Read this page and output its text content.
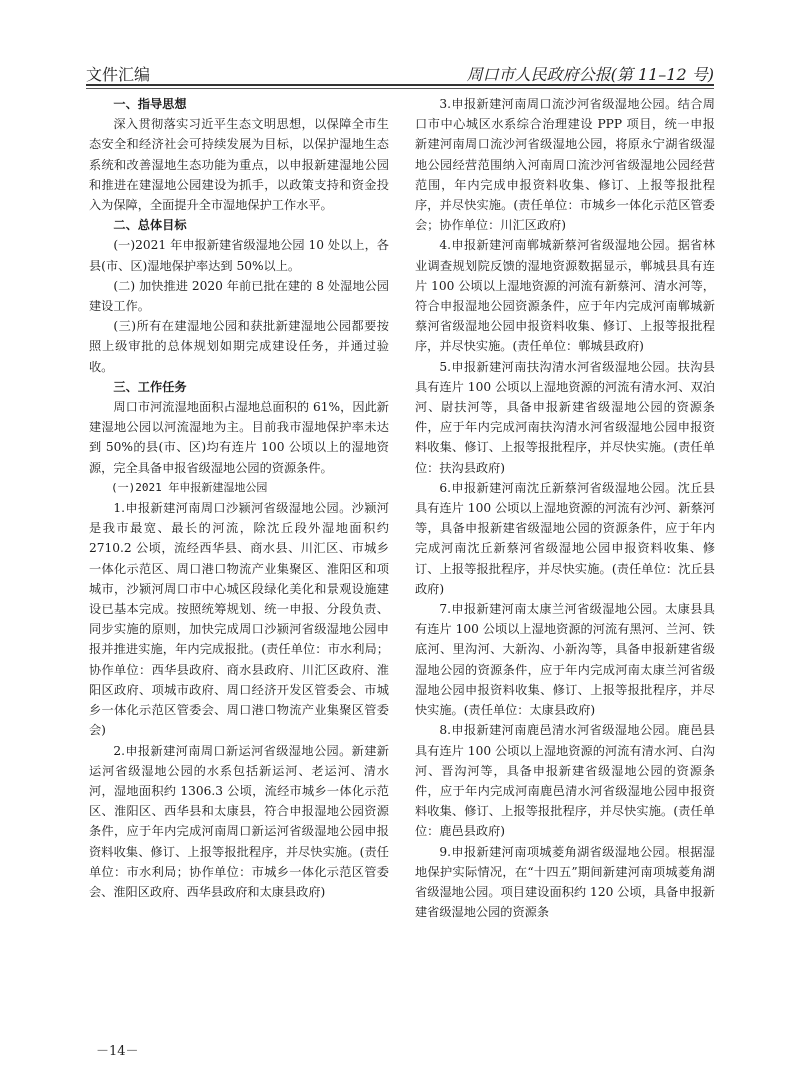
文件汇编	周口市人民政府公报(第 11–12 号)
一、指导思想

深入贯彻落实习近平生态文明思想，以保障全市生态安全和经济社会可持续发展为目标，以保护湿地生态系统和改善湿地生态功能为重点，以申报新建湿地公园和推进在建湿地公园建设为抓手，以政策支持和资金投入为保障，全面提升全市湿地保护工作水平。

二、总体目标

(一)2021 年申报新建省级湿地公园 10 处以上，各县(市、区)湿地保护率达到 50%以上。

(二) 加快推进 2020 年前已批在建的 8 处湿地公园建设工作。

(三)所有在建湿地公园和获批新建湿地公园都要按照上级审批的总体规划如期完成建设任务，并通过验收。

三、工作任务

周口市河流湿地面积占湿地总面积的 61%，因此新建湿地公园以河流湿地为主。目前我市湿地保护率未达到 50%的县(市、区)均有连片 100 公顷以上的湿地资源，完全具备申报省级湿地公园的资源条件。

(一)2021 年申报新建湿地公园

1.申报新建河南周口沙颍河省级湿地公园。沙颍河是我市最宽、最长的河流，除沈丘段外湿地面积约 2710.2 公顷，流经西华县、商水县、川汇区、市城乡一体化示范区、周口港口物流产业集聚区、淮阳区和项城市，沙颍河周口市中心城区段绿化美化和景观设施建设已基本完成。按照统筹规划、统一申报、分段负责、同步实施的原则，加快完成周口沙颍河省级湿地公园申报并推进实施，年内完成报批。(责任单位：市水利局；协作单位：西华县政府、商水县政府、川汇区政府、淮阳区政府、项城市政府、周口经济开发区管委会、市城乡一体化示范区管委会、周口港口物流产业集聚区管委会)

2.申报新建河南周口新运河省级湿地公园。新建新运河省级湿地公园的水系包括新运河、老运河、清水河，湿地面积约 1306.3 公顷，流经市城乡一体化示范区、淮阳区、西华县和太康县，符合申报湿地公园资源条件，应于年内完成河南周口新运河省级湿地公园申报资料收集、修订、上报等报批程序，并尽快实施。(责任单位：市水利局；协作单位：市城乡一体化示范区管委会、淮阳区政府、西华县政府和太康县政府)

3.申报新建河南周口流沙河省级湿地公园。结合周口市中心城区水系综合治理建设 PPP 项目，统一申报新建河南周口流沙河省级湿地公园，将原永宁湖省级湿地公园经营范围纳入河南周口流沙河省级湿地公园经营范围，年内完成申报资料收集、修订、上报等报批程序，并尽快实施。(责任单位：市城乡一体化示范区管委会；协作单位：川汇区政府)

4.申报新建河南郸城新蔡河省级湿地公园。据省林业调查规划院反馈的湿地资源数据显示，郸城县具有连片 100 公顷以上湿地资源的河流有新蔡河、清水河等，符合申报湿地公园资源条件，应于年内完成河南郸城新蔡河省级湿地公园申报资料收集、修订、上报等报批程序，并尽快实施。(责任单位：郸城县政府)

5.申报新建河南扶沟清水河省级湿地公园。扶沟县具有连片 100 公顷以上湿地资源的河流有清水河、双泊河、尉扶河等，具备申报新建省级湿地公园的资源条件，应于年内完成河南扶沟清水河省级湿地公园申报资料收集、修订、上报等报批程序，并尽快实施。(责任单位：扶沟县政府)

6.申报新建河南沈丘新蔡河省级湿地公园。沈丘县具有连片 100 公顷以上湿地资源的河流有沙河、新蔡河等，具备申报新建省级湿地公园的资源条件，应于年内完成河南沈丘新蔡河省级湿地公园申报资料收集、修订、上报等报批程序，并尽快实施。(责任单位：沈丘县政府)

7.申报新建河南太康兰河省级湿地公园。太康县具有连片 100 公顷以上湿地资源的河流有黑河、兰河、铁底河、里沟河、大新沟、小新沟等，具备申报新建省级湿地公园的资源条件，应于年内完成河南太康兰河省级湿地公园申报资料收集、修订、上报等报批程序，并尽快实施。(责任单位：太康县政府)

8.申报新建河南鹿邑清水河省级湿地公园。鹿邑县具有连片 100 公顷以上湿地资源的河流有清水河、白沟河、晋沟河等，具备申报新建省级湿地公园的资源条件，应于年内完成河南鹿邑清水河省级湿地公园申报资料收集、修订、上报等报批程序，并尽快实施。(责任单位：鹿邑县政府)

9.申报新建河南项城菱角湖省级湿地公园。根据湿地保护实际情况，在“十四五”期间新建河南项城菱角湖省级湿地公园。项目建设面积约 120 公顷，具备申报新建省级湿地公园的资源条

－14－
